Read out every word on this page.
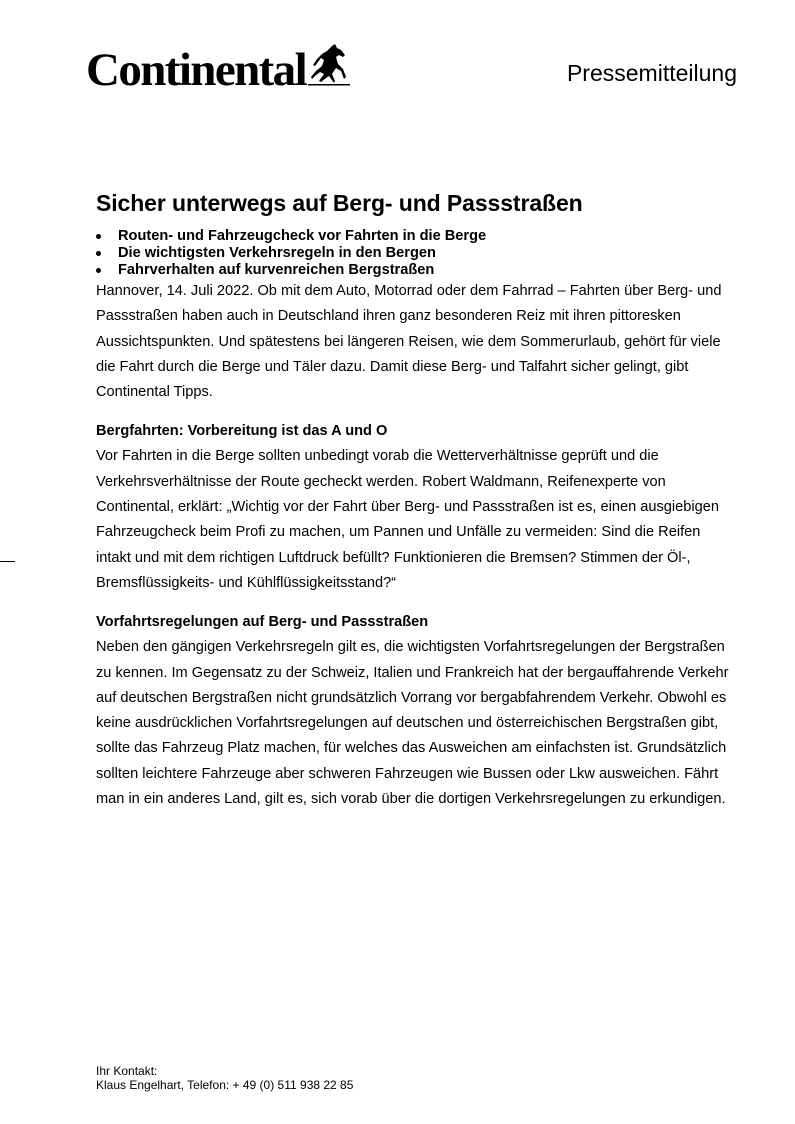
Continental	Pressemitteilung
Sicher unterwegs auf Berg- und Passstraßen
Routen- und Fahrzeugcheck vor Fahrten in die Berge
Die wichtigsten Verkehrsregeln in den Bergen
Fahrverhalten auf kurvenreichen Bergstraßen

Hannover, 14. Juli 2022. Ob mit dem Auto, Motorrad oder dem Fahrrad – Fahrten über Berg- und Passstraßen haben auch in Deutschland ihren ganz besonderen Reiz mit ihren pittoresken Aussichtspunkten. Und spätestens bei längeren Reisen, wie dem Sommerurlaub, gehört für viele die Fahrt durch die Berge und Täler dazu. Damit diese Berg- und Talfahrt sicher gelingt, gibt Continental Tipps.

Bergfahrten: Vorbereitung ist das A und O

Vor Fahrten in die Berge sollten unbedingt vorab die Wetterverhältnisse geprüft und die Verkehrsverhältnisse der Route gecheckt werden. Robert Waldmann, Reifenexperte von Continental, erklärt: „Wichtig vor der Fahrt über Berg- und Passstraßen ist es, einen ausgiebigen Fahrzeugcheck beim Profi zu machen, um Pannen und Unfälle zu vermeiden: Sind die Reifen intakt und mit dem richtigen Luftdruck befüllt? Funktionieren die Bremsen? Stimmen der Öl-, Bremsflüssigkeits- und Kühlflüssigkeitsstand?“

Vorfahrtsregelungen auf Berg- und Passstraßen

Neben den gängigen Verkehrsregeln gilt es, die wichtigsten Vorfahrtsregelungen der Bergstraßen zu kennen. Im Gegensatz zu der Schweiz, Italien und Frankreich hat der bergauffahrende Verkehr auf deutschen Bergstraßen nicht grundsätzlich Vorrang vor bergabfahrendem Verkehr. Obwohl es keine ausdrücklichen Vorfahrtsregelungen auf deutschen und österreichischen Bergstraßen gibt, sollte das Fahrzeug Platz machen, für welches das Ausweichen am einfachsten ist. Grundsätzlich sollten leichtere Fahrzeuge aber schweren Fahrzeugen wie Bussen oder Lkw ausweichen. Fährt man in ein anderes Land, gilt es, sich vorab über die dortigen Verkehrsregelungen zu erkundigen.

Ihr Kontakt:
Klaus Engelhart, Telefon: + 49 (0) 511 938 22 85
